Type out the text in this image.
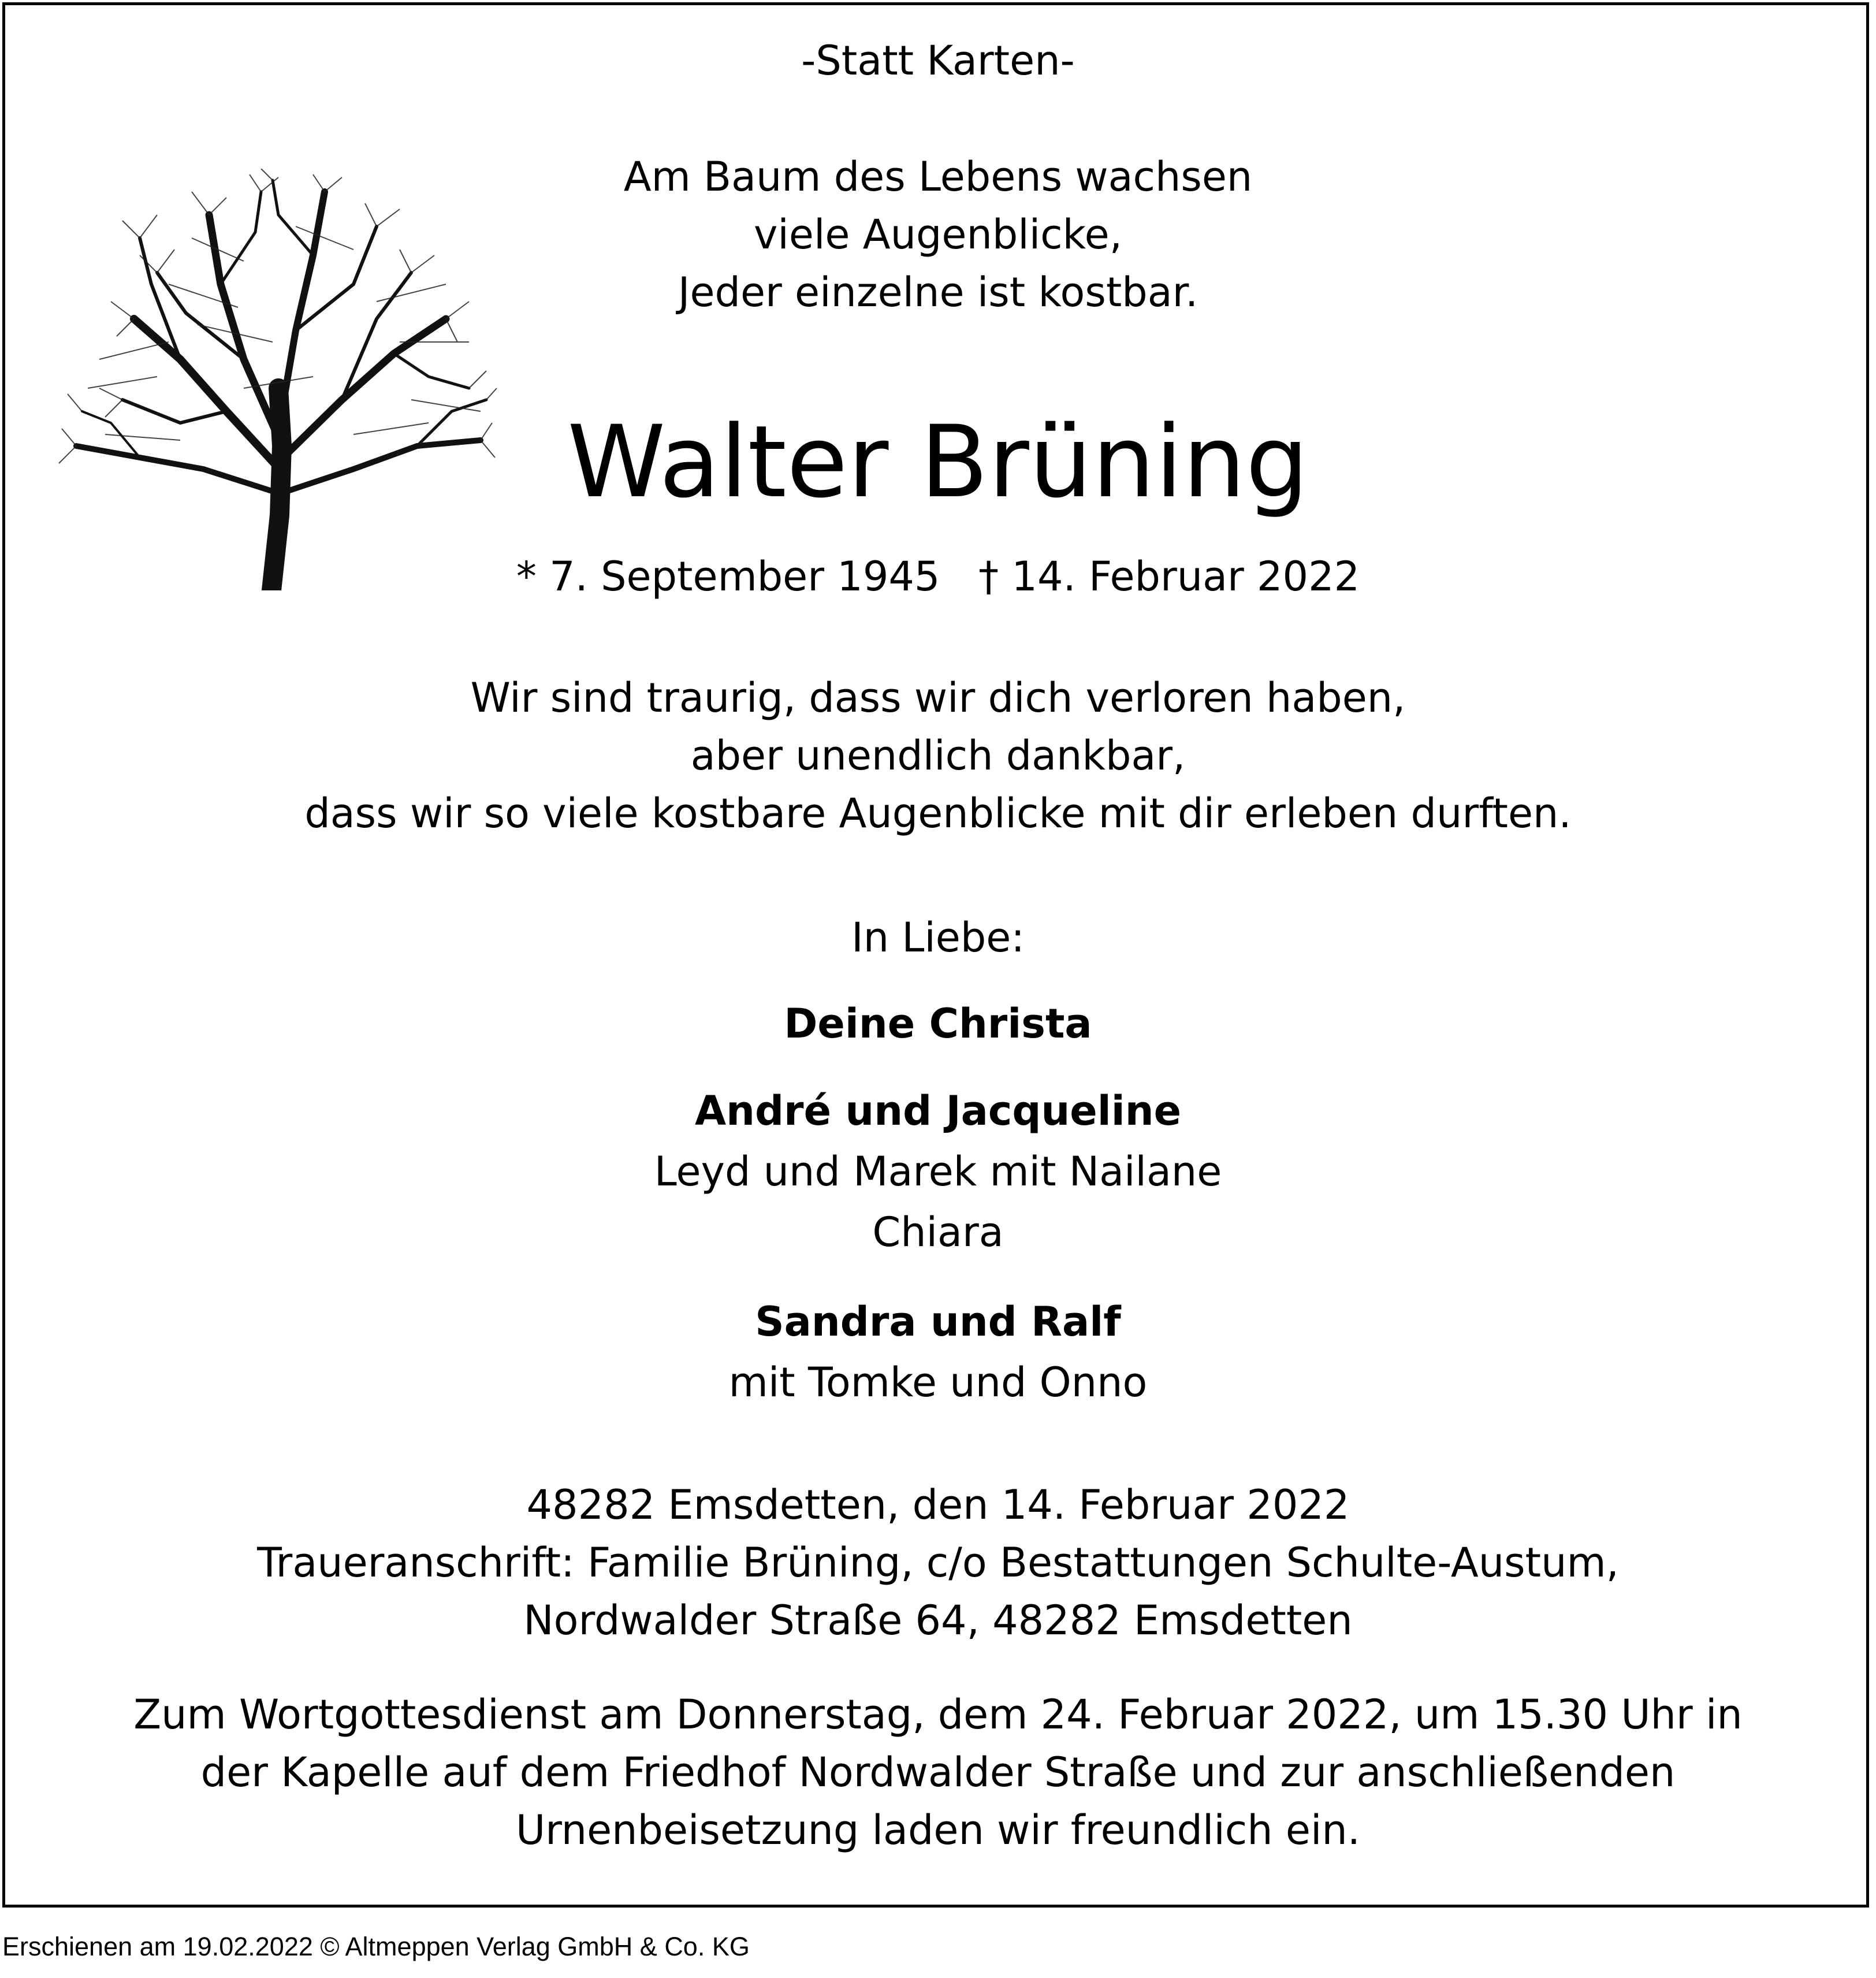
-Statt Karten-
Am Baum des Lebens wachsen
viele Augenblicke,
Jeder einzelne ist kostbar.
Walter Brüning
* 7. September 1945   † 14. Februar 2022
Wir sind traurig, dass wir dich verloren haben,
aber unendlich dankbar,
dass wir so viele kostbare Augenblicke mit dir erleben durften.
In Liebe:
Deine Christa
André und Jacqueline
Leyd und Marek mit Nailane
Chiara
Sandra und Ralf
mit Tomke und Onno
48282 Emsdetten, den 14. Februar 2022
Traueranschrift: Familie Brüning, c/o Bestattungen Schulte-Austum,
Nordwalder Straße 64, 48282 Emsdetten
Zum Wortgottesdienst am Donnerstag, dem 24. Februar 2022, um 15.30 Uhr in
der Kapelle auf dem Friedhof Nordwalder Straße und zur anschließenden
Urnenbeisetzung laden wir freundlich ein.
Erschienen am 19.02.2022 © Altmeppen Verlag GmbH & Co. KG
